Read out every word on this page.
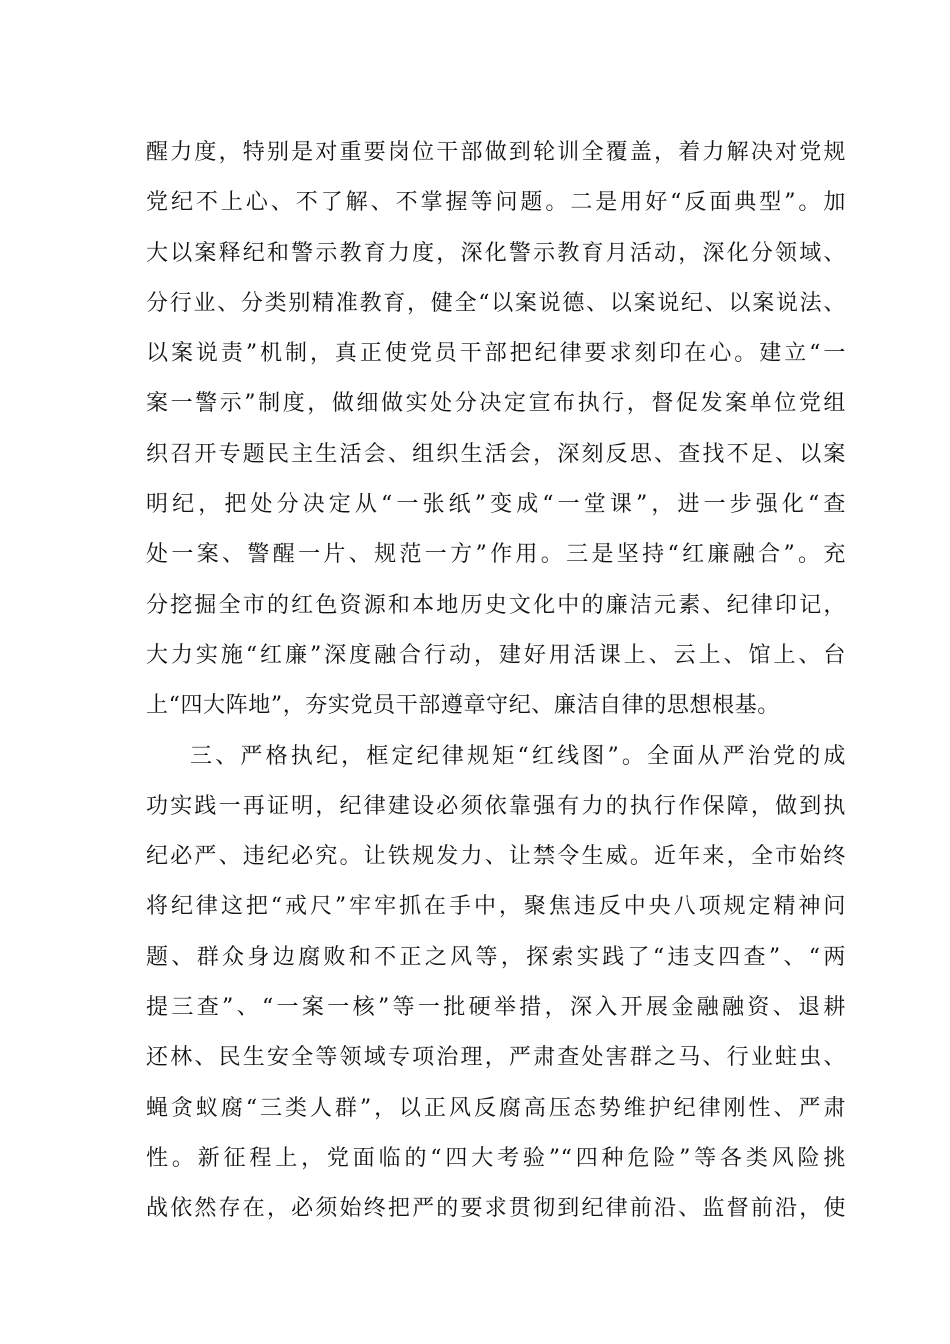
醒力度，特别是对重要岗位干部做到轮训全覆盖，着力解决对党规
党纪不上心、不了解、不掌握等问题。二是用好“反面典型”。加
大以案释纪和警示教育力度，深化警示教育月活动，深化分领域、
分行业、分类别精准教育，健全“以案说德、以案说纪、以案说法、
以案说责”机制，真正使党员干部把纪律要求刻印在心。建立“一
案一警示”制度，做细做实处分决定宣布执行，督促发案单位党组
织召开专题民主生活会、组织生活会，深刻反思、查找不足、以案
明纪，把处分决定从“一张纸”变成“一堂课”，进一步强化“查
处一案、警醒一片、规范一方”作用。三是坚持“红廉融合”。充
分挖掘全市的红色资源和本地历史文化中的廉洁元素、纪律印记，
大力实施“红廉”深度融合行动，建好用活课上、云上、馆上、台
上“四大阵地”，夯实党员干部遵章守纪、廉洁自律的思想根基。
三、严格执纪，框定纪律规矩“红线图”。全面从严治党的成
功实践一再证明，纪律建设必须依靠强有力的执行作保障，做到执
纪必严、违纪必究。让铁规发力、让禁令生威。近年来，全市始终
将纪律这把“戒尺”牢牢抓在手中，聚焦违反中央八项规定精神问
题、群众身边腐败和不正之风等，探索实践了“违支四查”、“两
提三查”、“一案一核”等一批硬举措，深入开展金融融资、退耕
还林、民生安全等领域专项治理，严肃查处害群之马、行业蛀虫、
蝇贪蚁腐“三类人群”，以正风反腐高压态势维护纪律刚性、严肃
性。新征程上，党面临的“四大考验”“四种危险”等各类风险挑
战依然存在，必须始终把严的要求贯彻到纪律前沿、监督前沿，使
